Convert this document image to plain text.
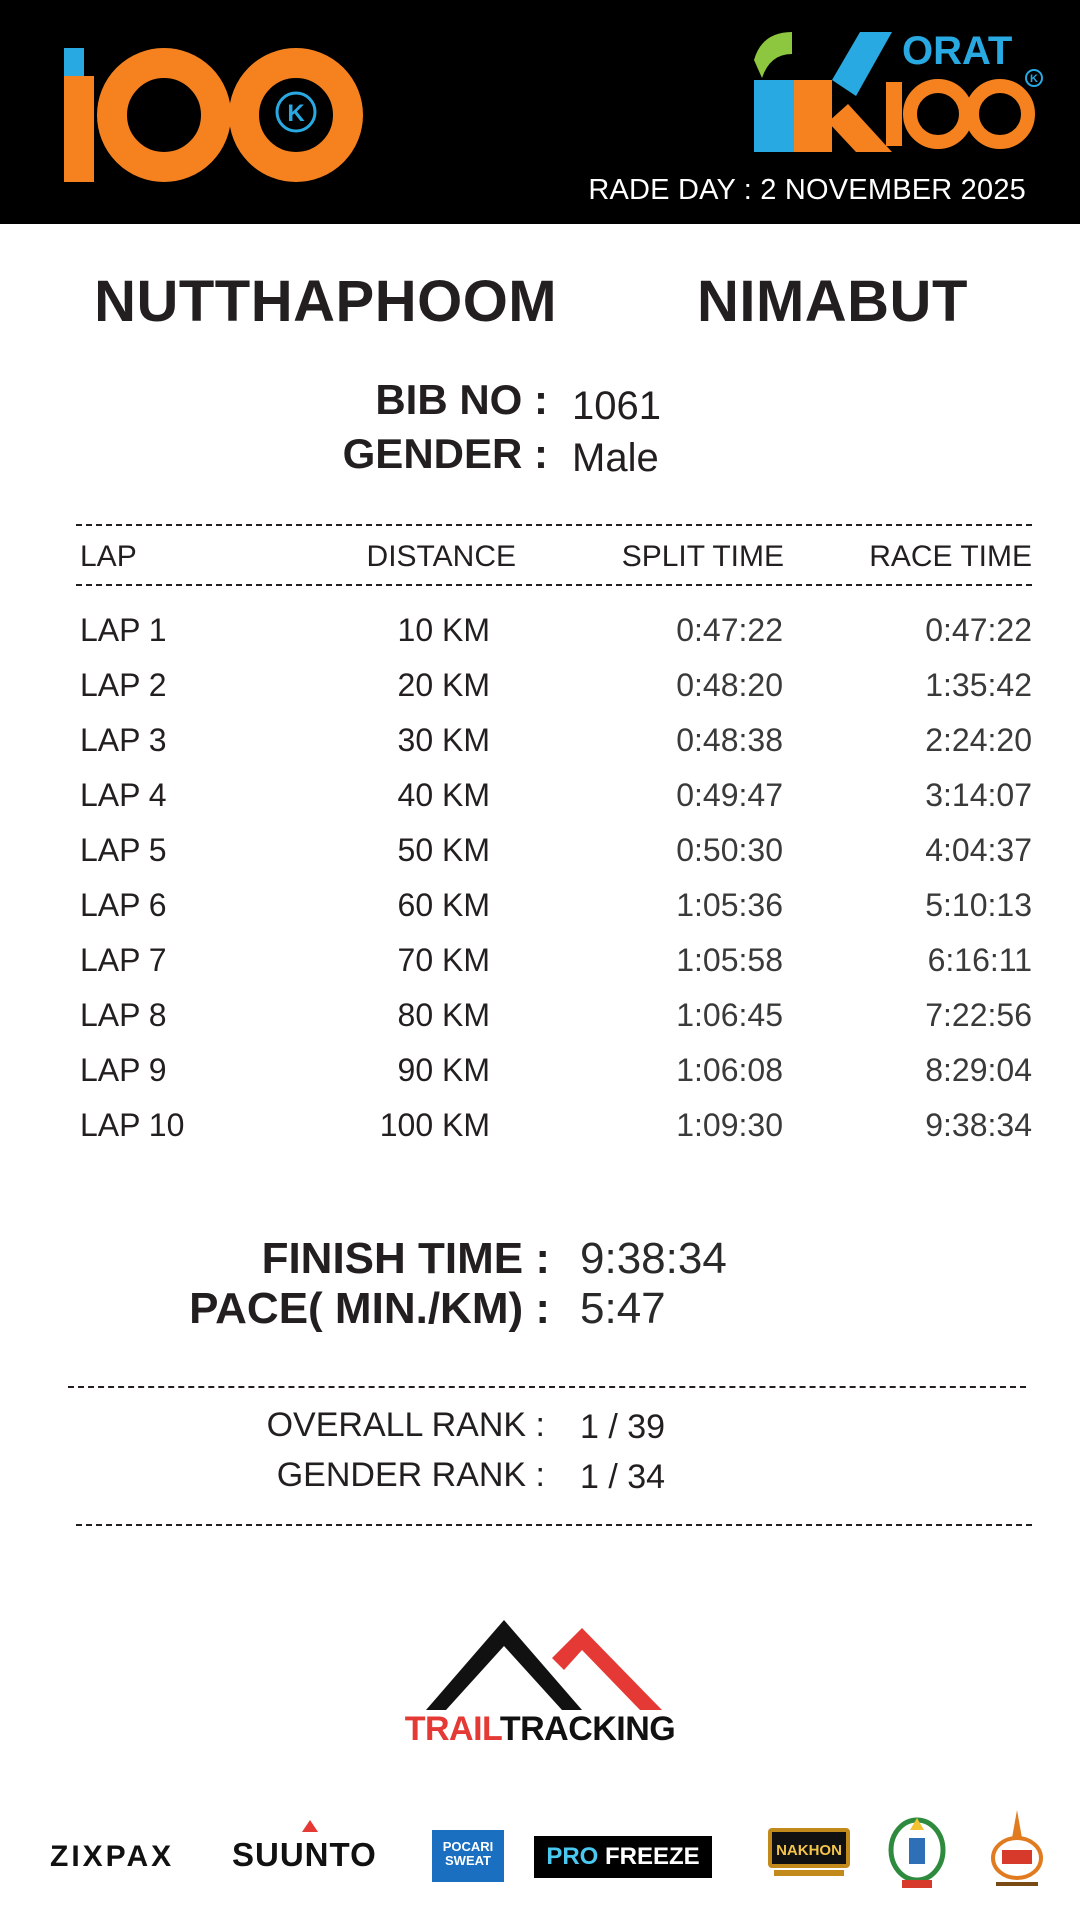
K
ORAT
K
RADE DAY : 2 NOVEMBER 2025
NUTTHAPHOOM   NIMABUT
BIB NO : 1061
GENDER : Male
LAP	DISTANCE	SPLIT TIME	RACE TIME
LAP 1	10 KM	0:47:22	0:47:22
LAP 2	20 KM	0:48:20	1:35:42
LAP 3	30 KM	0:48:38	2:24:20
LAP 4	40 KM	0:49:47	3:14:07
LAP 5	50 KM	0:50:30	4:04:37
LAP 6	60 KM	1:05:36	5:10:13
LAP 7	70 KM	1:05:58	6:16:11
LAP 8	80 KM	1:06:45	7:22:56
LAP 9	90 KM	1:06:08	8:29:04
LAP 10	100 KM	1:09:30	9:38:34
FINISH TIME : 9:38:34
PACE( MIN./KM) : 5:47
OVERALL RANK : 1 / 39
GENDER RANK : 1 / 34
TRAILTRACKING
ZIXPAX SUUNTO	POCARI SWEAT	PRO FREEZE	NAKHON
